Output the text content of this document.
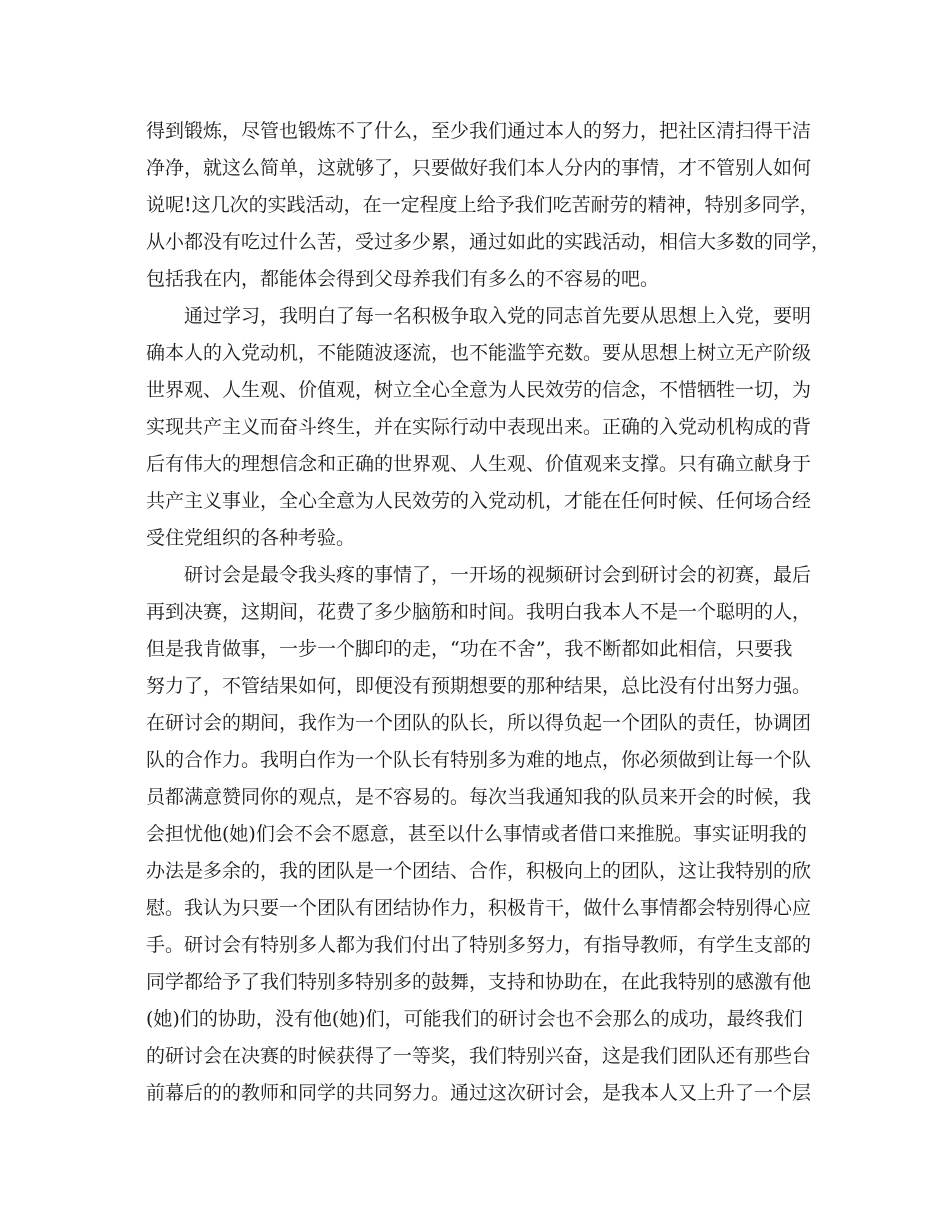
得到锻炼，尽管也锻炼不了什么，至少我们通过本人的努力，把社区清扫得干洁
净净，就这么简单，这就够了，只要做好我们本人分内的事情，才不管别人如何
说呢!这几次的实践活动，在一定程度上给予我们吃苦耐劳的精神，特别多同学，
从小都没有吃过什么苦，受过多少累，通过如此的实践活动，相信大多数的同学，
包括我在内，都能体会得到父母养我们有多么的不容易的吧。
通过学习，我明白了每一名积极争取入党的同志首先要从思想上入党，要明
确本人的入党动机，不能随波逐流，也不能滥竽充数。要从思想上树立无产阶级
世界观、人生观、价值观，树立全心全意为人民效劳的信念，不惜牺牲一切，为
实现共产主义而奋斗终生，并在实际行动中表现出来。正确的入党动机构成的背
后有伟大的理想信念和正确的世界观、人生观、价值观来支撑。只有确立献身于
共产主义事业，全心全意为人民效劳的入党动机，才能在任何时候、任何场合经
受住党组织的各种考验。
研讨会是最令我头疼的事情了，一开场的视频研讨会到研讨会的初赛，最后
再到决赛，这期间，花费了多少脑筋和时间。我明白我本人不是一个聪明的人，
但是我肯做事，一步一个脚印的走，“功在不舍”，我不断都如此相信，只要我
努力了，不管结果如何，即便没有预期想要的那种结果，总比没有付出努力强。
在研讨会的期间，我作为一个团队的队长，所以得负起一个团队的责任，协调团
队的合作力。我明白作为一个队长有特别多为难的地点，你必须做到让每一个队
员都满意赞同你的观点，是不容易的。每次当我通知我的队员来开会的时候，我
会担忧他(她)们会不会不愿意，甚至以什么事情或者借口来推脱。事实证明我的
办法是多余的，我的团队是一个团结、合作，积极向上的团队，这让我特别的欣
慰。我认为只要一个团队有团结协作力，积极肯干，做什么事情都会特别得心应
手。研讨会有特别多人都为我们付出了特别多努力，有指导教师，有学生支部的
同学都给予了我们特别多特别多的鼓舞，支持和协助在，在此我特别的感激有他
(她)们的协助，没有他(她)们，可能我们的研讨会也不会那么的成功，最终我们
的研讨会在决赛的时候获得了一等奖，我们特别兴奋，这是我们团队还有那些台
前幕后的的教师和同学的共同努力。通过这次研讨会，是我本人又上升了一个层
